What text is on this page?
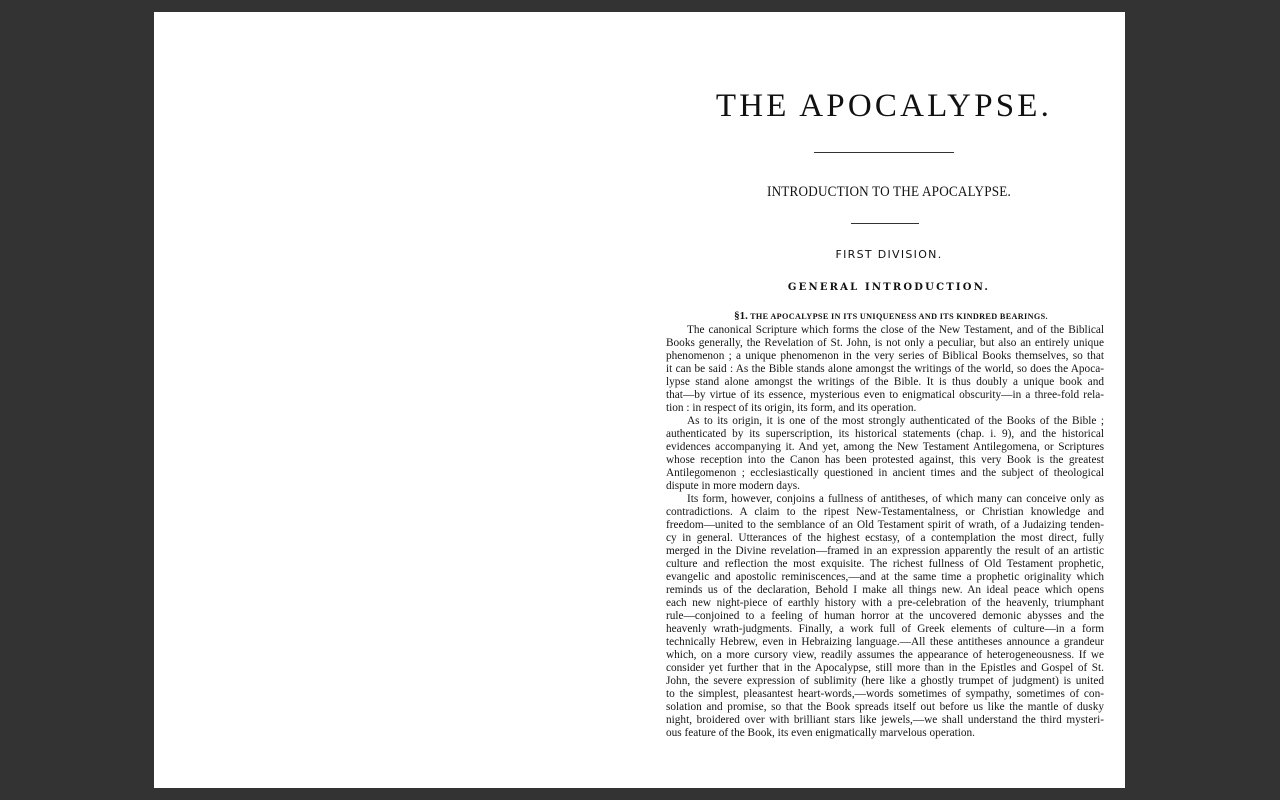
THE APOCALYPSE.
INTRODUCTION TO THE APOCALYPSE.
FIRST DIVISION.
GENERAL INTRODUCTION.
§1. THE APOCALYPSE IN ITS UNIQUENESS AND ITS KINDRED BEARINGS.
The canonical Scripture which forms the close of the New Testament, and of the Biblical
Books generally, the Revelation of St. John, is not only a peculiar, but also an entirely unique
phenomenon ; a unique phenomenon in the very series of Biblical Books themselves, so that
it can be said : As the Bible stands alone amongst the writings of the world, so does the Apoca-
lypse stand alone amongst the writings of the Bible. It is thus doubly a unique book and
that—by virtue of its essence, mysterious even to enigmatical obscurity—in a three-fold rela-
tion : in respect of its origin, its form, and its operation.
As to its origin, it is one of the most strongly authenticated of the Books of the Bible ;
authenticated by its superscription, its historical statements (chap. i. 9), and the historical
evidences accompanying it. And yet, among the New Testament Antilegomena, or Scriptures
whose reception into the Canon has been protested against, this very Book is the greatest
Antilegomenon ; ecclesiastically questioned in ancient times and the subject of theological
dispute in more modern days.
Its form, however, conjoins a fullness of antitheses, of which many can conceive only as
contradictions. A claim to the ripest New-Testamentalness, or Christian knowledge and
freedom—united to the semblance of an Old Testament spirit of wrath, of a Judaizing tenden-
cy in general. Utterances of the highest ecstasy, of a contemplation the most direct, fully
merged in the Divine revelation—framed in an expression apparently the result of an artistic
culture and reflection the most exquisite. The richest fullness of Old Testament prophetic,
evangelic and apostolic reminiscences,—and at the same time a prophetic originality which
reminds us of the declaration, Behold I make all things new. An ideal peace which opens
each new night-piece of earthly history with a pre-celebration of the heavenly, triumphant
rule—conjoined to a feeling of human horror at the uncovered demonic abysses and the
heavenly wrath-judgments. Finally, a work full of Greek elements of culture—in a form
technically Hebrew, even in Hebraizing language.—All these antitheses announce a grandeur
which, on a more cursory view, readily assumes the appearance of heterogeneousness. If we
consider yet further that in the Apocalypse, still more than in the Epistles and Gospel of St.
John, the severe expression of sublimity (here like a ghostly trumpet of judgment) is united
to the simplest, pleasantest heart-words,—words sometimes of sympathy, sometimes of con-
solation and promise, so that the Book spreads itself out before us like the mantle of dusky
night, broidered over with brilliant stars like jewels,—we shall understand the third mysteri-
ous feature of the Book, its even enigmatically marvelous operation.
